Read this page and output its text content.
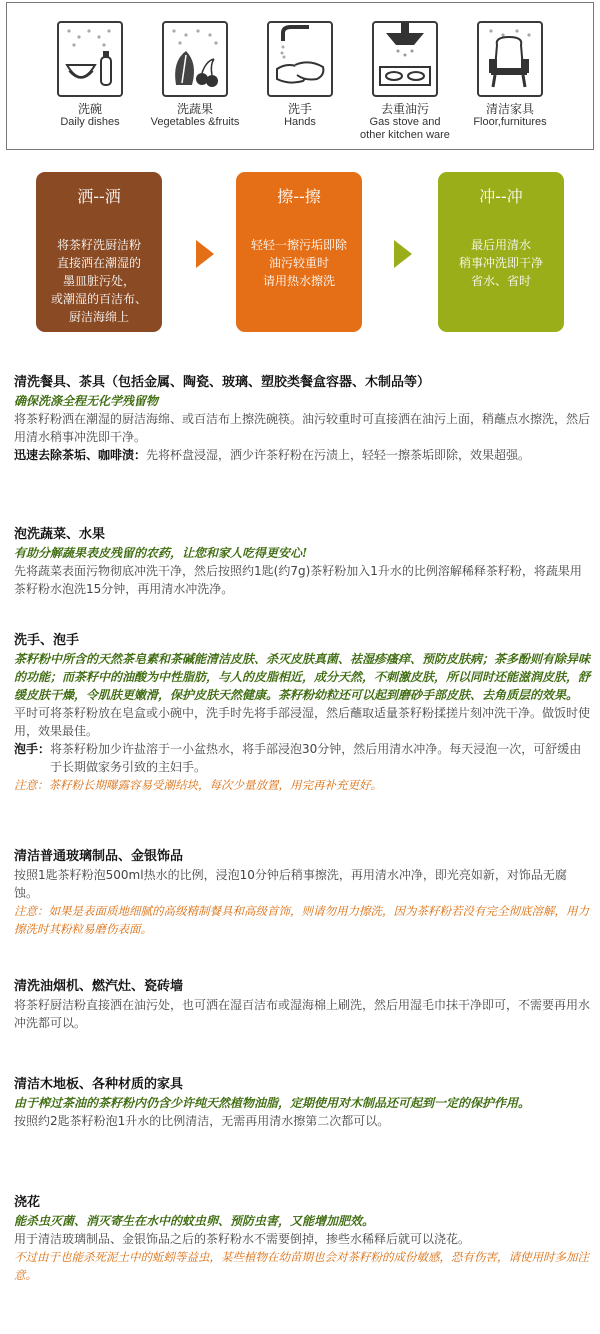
洗碗
Daily dishes
洗蔬果
Vegetables &fruits
洗手
Hands
去重油污
Gas stove and
other kitchen ware
清洁家具
Floor,furnitures
洒--洒
将茶籽洗厨洁粉
直接洒在潮湿的
墨皿脏污处，
或潮湿的百洁布、
厨洁海绵上
擦--擦
轻轻一擦污垢即除
油污较重时
请用热水擦洗
冲--冲
最后用清水
稍事冲洗即干净
省水、省时
清洗餐具、茶具（包括金属、陶瓷、玻璃、塑胶类餐盒容器、木制品等）
确保洗涤全程无化学残留物
将茶籽粉洒在潮湿的厨洁海绵、或百洁布上擦洗碗筷。油污较重时可直接洒在油污上面，稍蘸点水擦洗，然后用清水稍事冲洗即干净。
迅速去除茶垢、咖啡渍：先将杯盘浸湿，洒少许茶籽粉在污渍上，轻轻一擦茶垢即除，效果超强。
泡洗蔬菜、水果
有助分解蔬果表皮残留的农药，让您和家人吃得更安心!
先将蔬菜表面污物彻底冲洗干净，然后按照约1匙(约7g)茶籽粉加入1升水的比例溶解稀释茶籽粉，将蔬果用茶籽粉水泡洗15分钟，再用清水冲洗净。
洗手、泡手
茶籽粉中所含的天然茶皂素和茶碱能清洁皮肤、杀灭皮肤真菌、祛湿疹瘙痒、预防皮肤病；茶多酚则有除异味的功能；而茶籽中的油酸为中性脂肪，与人的皮脂相近，成分天然，不刺激皮肤，所以同时还能滋润皮肤，舒缓皮肤干燥，令肌肤更嫩滑，保护皮肤天然健康。茶籽粉幼粒还可以起到磨砂手部皮肤、去角质层的效果。
平时可将茶籽粉放在皂盒或小碗中，洗手时先将手部浸湿，然后蘸取适量茶籽粉揉搓片刻冲洗干净。做饭时使用，效果最佳。
泡手：将茶籽粉加少许盐溶于一小盆热水，将手部浸泡30分钟，然后用清水冲净。每天浸泡一次，可舒缓由于长期做家务引致的主妇手。
注意：茶籽粉长期曝露容易受潮结块，每次少量放置，用完再补充更好。
清洁普通玻璃制品、金银饰品
按照1匙茶籽粉泡500ml热水的比例，浸泡10分钟后稍事擦洗，再用清水冲净，即光亮如新，对饰品无腐蚀。
注意：如果是表面质地细腻的高级精制餐具和高级首饰，则请勿用力擦洗，因为茶籽粉若没有完全彻底溶解，用力擦洗时其粉粒易磨伤表面。
清洗油烟机、燃汽灶、瓷砖墙
将茶籽厨洁粉直接洒在油污处，也可洒在湿百洁布或湿海棉上刷洗，然后用湿毛巾抹干净即可，不需要再用水冲洗都可以。
清洁木地板、各种材质的家具
由于榨过茶油的茶籽粉内仍含少许纯天然植物油脂，定期使用对木制品还可起到一定的保护作用。
按照约2匙茶籽粉泡1升水的比例清洁，无需再用清水擦第二次都可以。
浇花
能杀虫灭菌、消灭寄生在水中的蚊虫卵、预防虫害，又能增加肥效。
用于清洁玻璃制品、金银饰品之后的茶籽粉水不需要倒掉，掺些水稀释后就可以浇花。
不过由于也能杀死泥土中的蚯蚓等益虫，某些植物在幼苗期也会对茶籽粉的成份敏感，恐有伤害，请使用时多加注意。
